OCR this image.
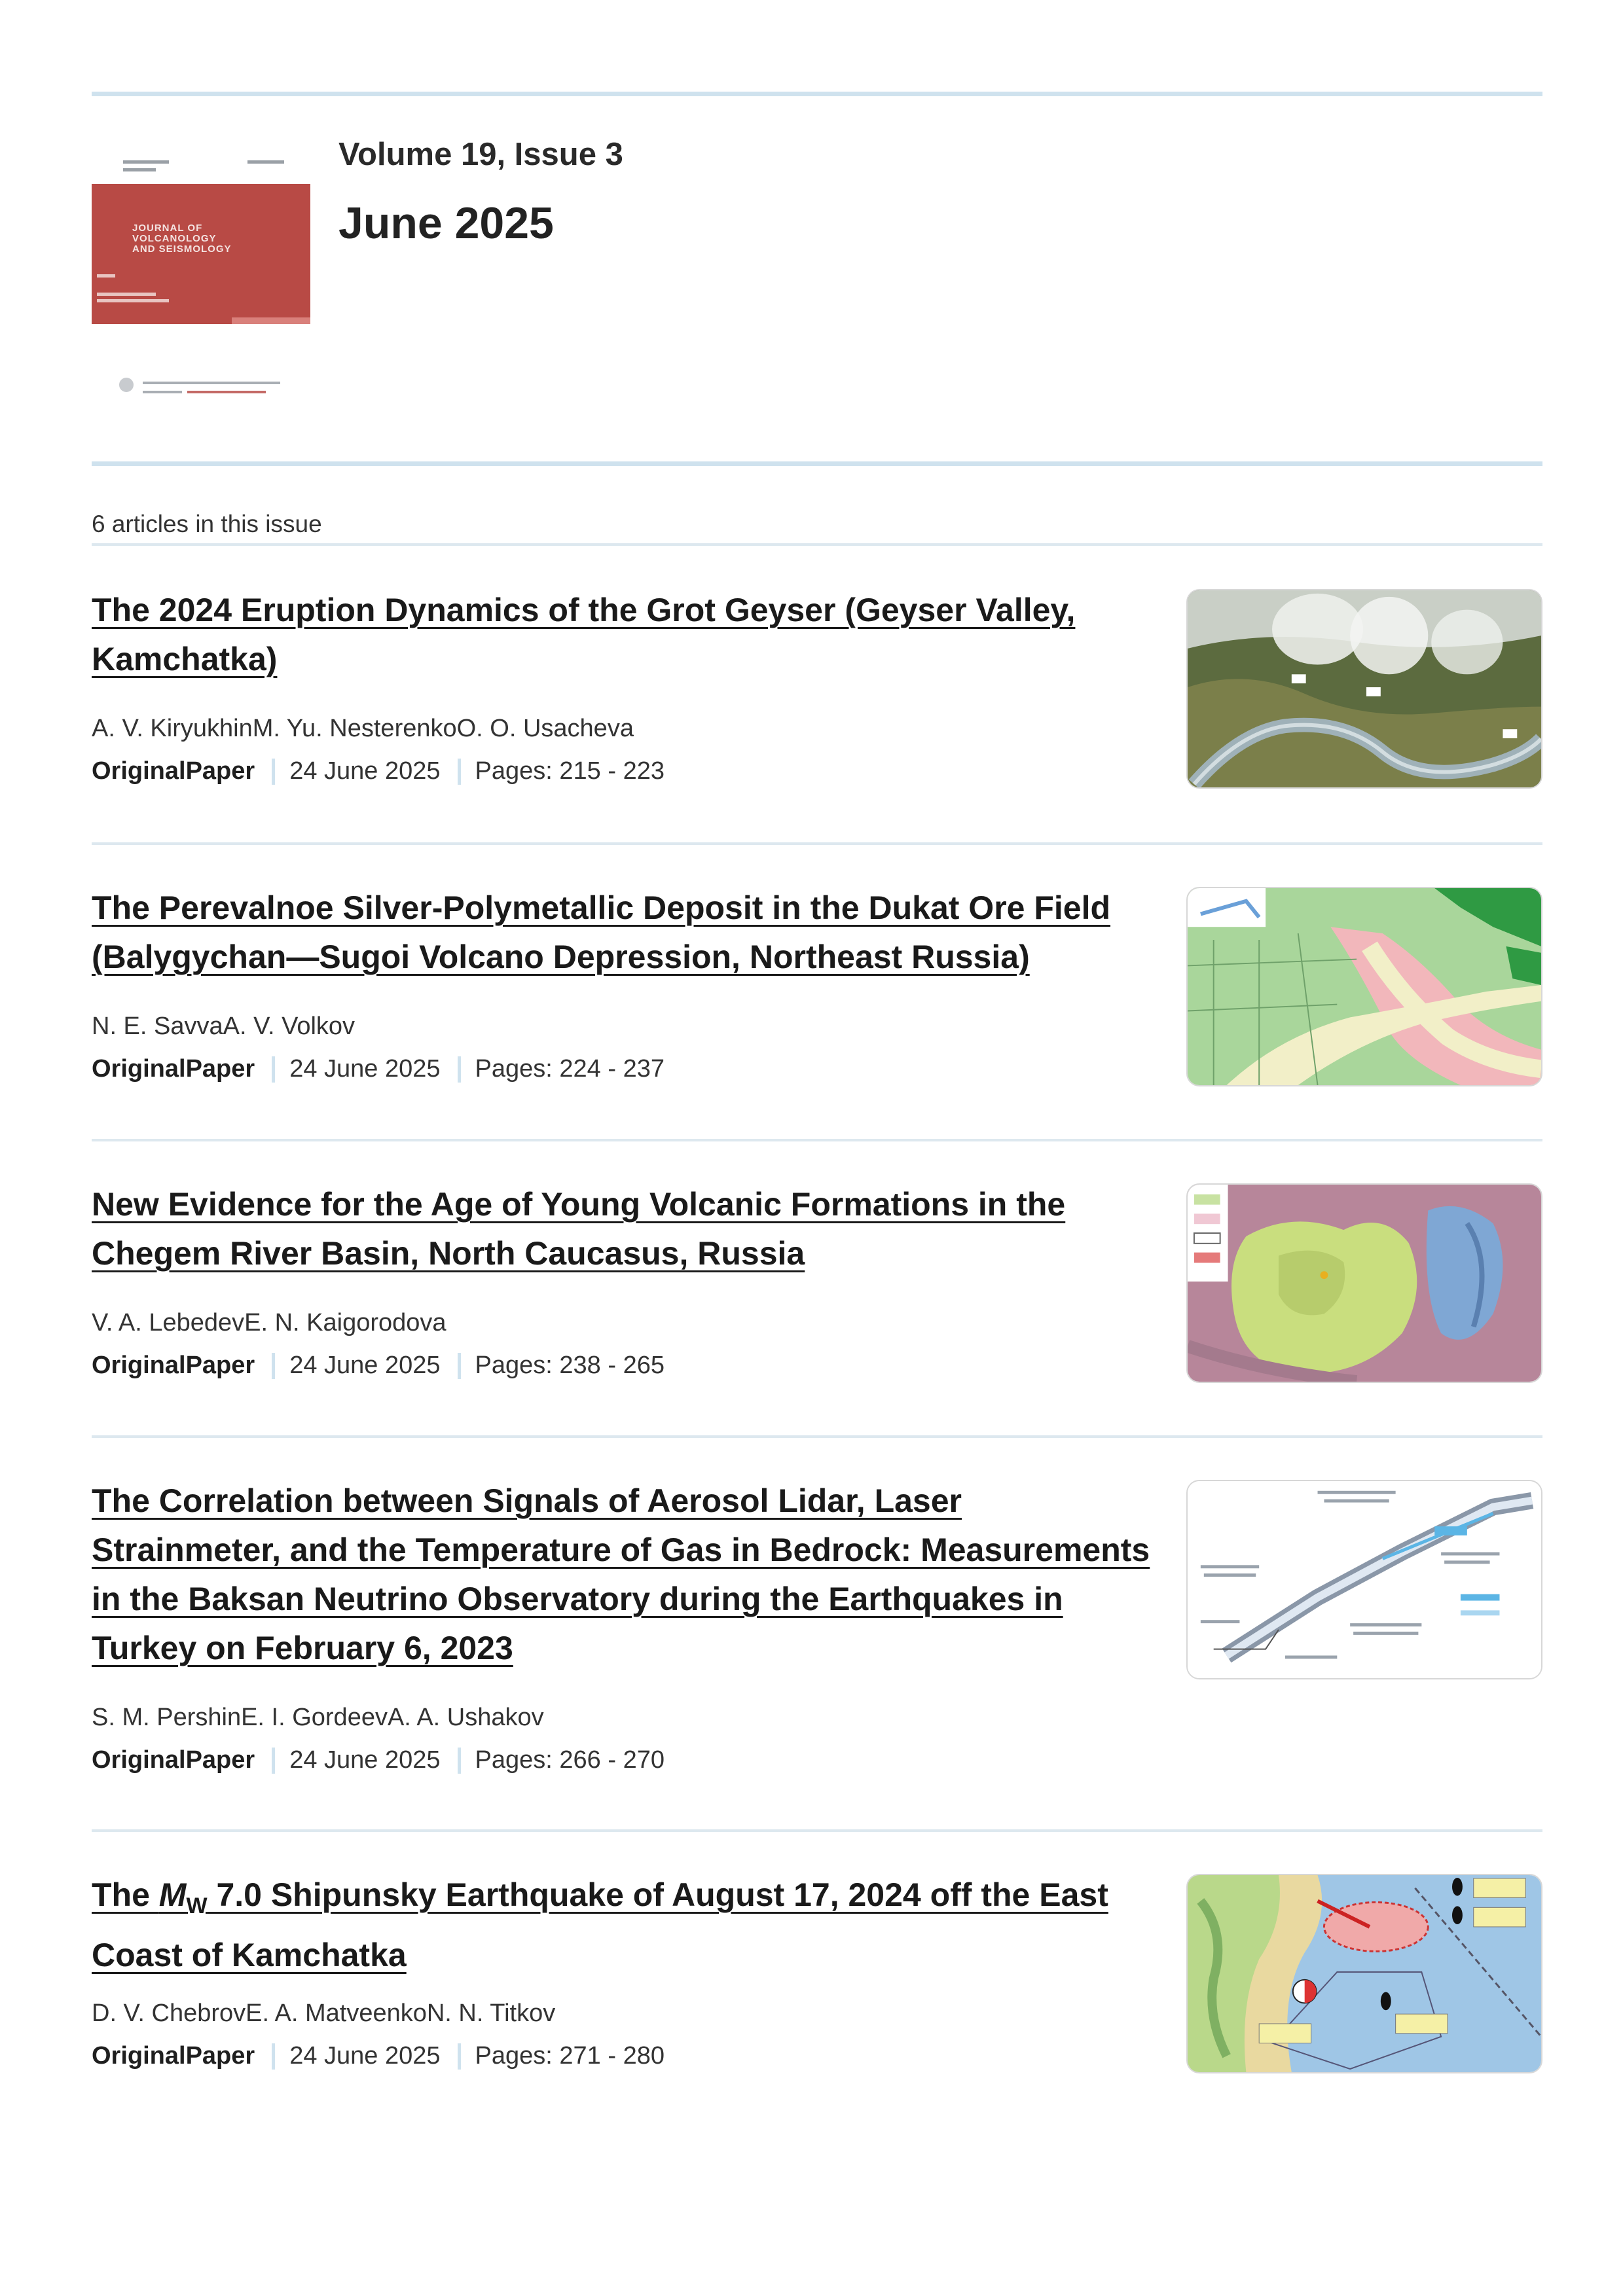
JOURNAL OF
VOLCANOLOGY
AND SEISMOLOGY
Volume 19, Issue 3
June 2025
6 articles in this issue
The 2024 Eruption Dynamics of the Grot Geyser (Geyser Valley,
Kamchatka)
A. V. KiryukhinM. Yu. NesterenkoO. O. Usacheva
OriginalPaper 24 June 2025 Pages: 215 - 223
The Perevalnoe Silver-Polymetallic Deposit in the Dukat Ore Field
(Balygychan—Sugoi Volcano Depression, Northeast Russia)
N. E. SavvaA. V. Volkov
OriginalPaper 24 June 2025 Pages: 224 - 237
New Evidence for the Age of Young Volcanic Formations in the
Chegem River Basin, North Caucasus, Russia
V. A. LebedevE. N. Kaigorodova
OriginalPaper 24 June 2025 Pages: 238 - 265
The Correlation between Signals of Aerosol Lidar, Laser
Strainmeter, and the Temperature of Gas in Bedrock: Measurements
in the Baksan Neutrino Observatory during the Earthquakes in
Turkey on February 6, 2023
S. M. PershinE. I. GordeevA. A. Ushakov
OriginalPaper 24 June 2025 Pages: 266 - 270
The $M_W$ 7.0 Shipunsky Earthquake of August 17, 2024 off the East
Coast of Kamchatka
D. V. ChebrovE. A. MatveenkoN. N. Titkov
OriginalPaper 24 June 2025 Pages: 271 - 280
